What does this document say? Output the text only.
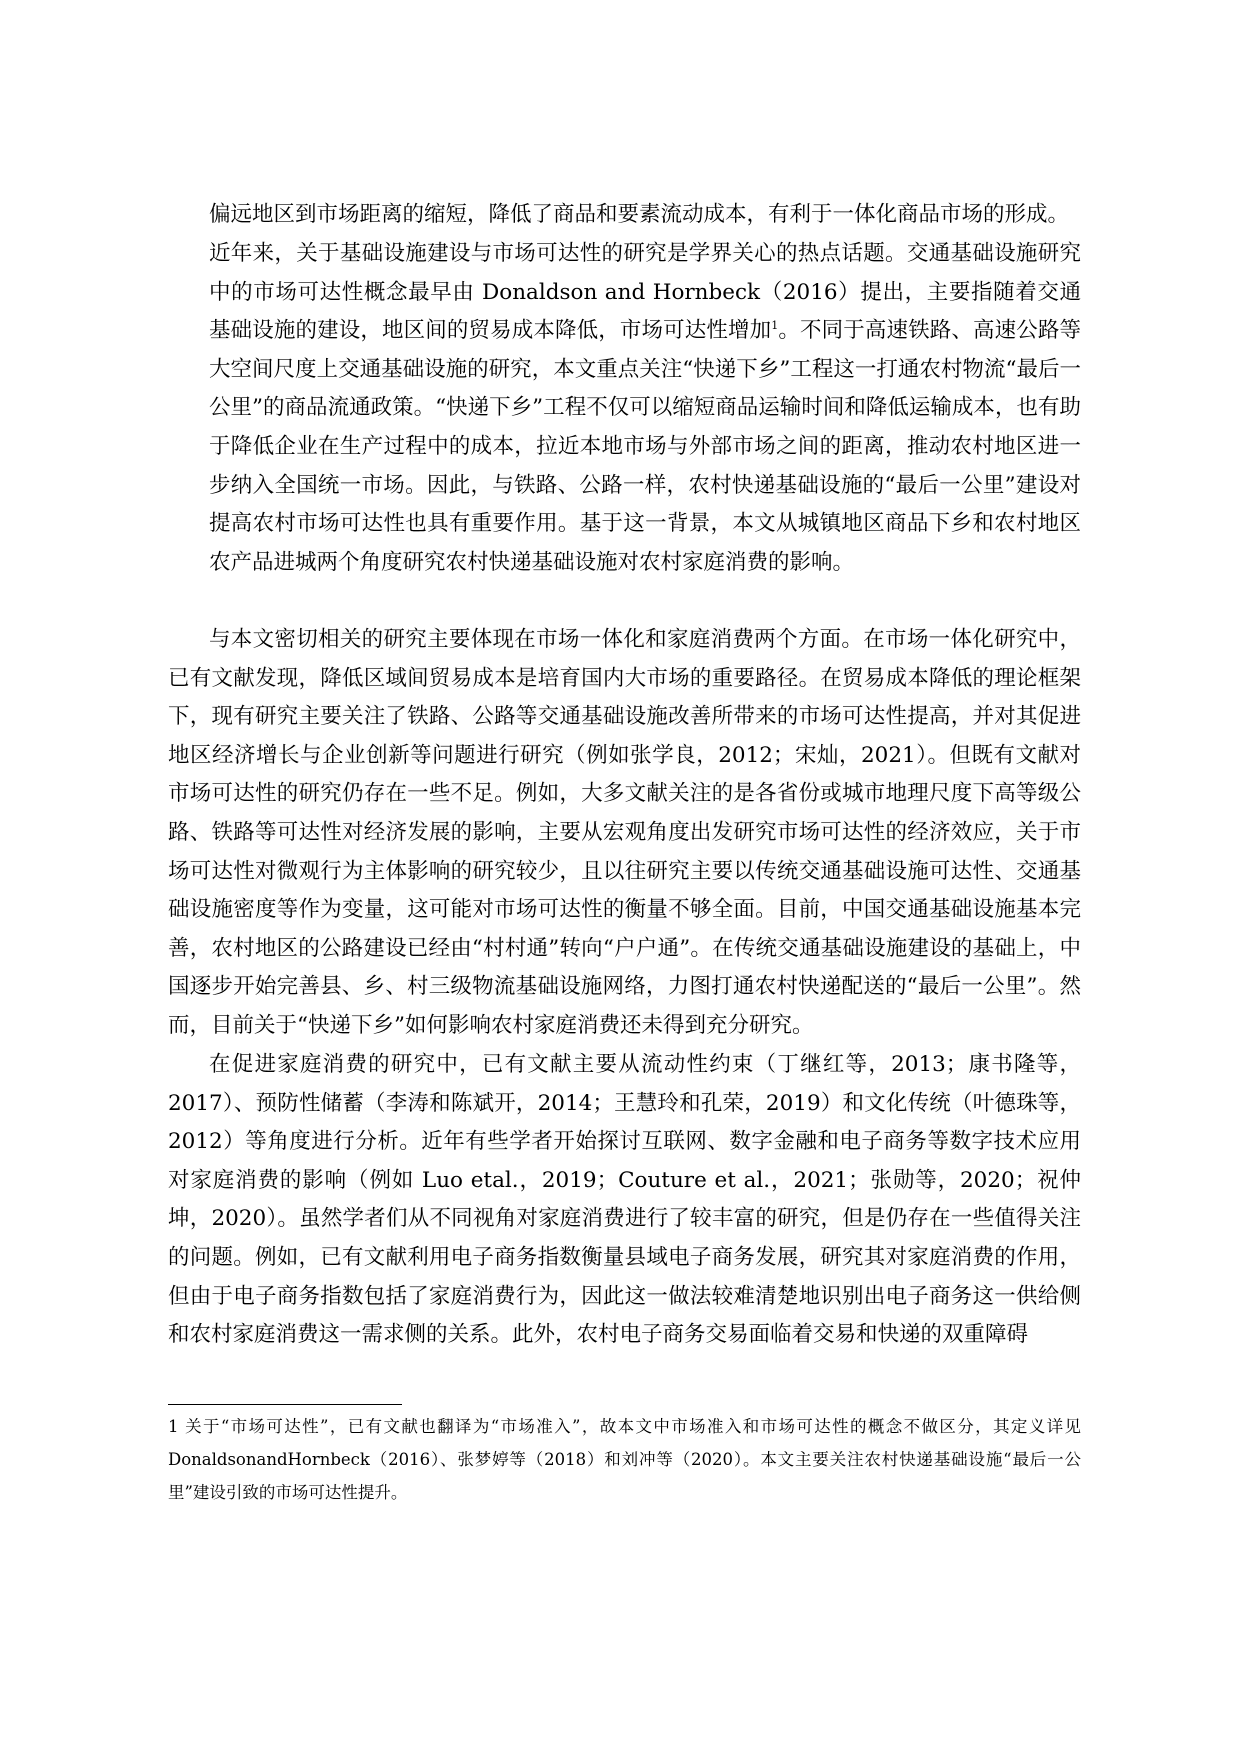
偏远地区到市场距离的缩短，降低了商品和要素流动成本，有利于一体化商品市场的形成。

近年来，关于基础设施建设与市场可达性的研究是学界关心的热点话题。交通基础设施研究中的市场可达性概念最早由 Donaldson and Hornbeck（2016）提出，主要指随着交通基础设施的建设，地区间的贸易成本降低，市场可达性增加$^1$。不同于高速铁路、高速公路等大空间尺度上交通基础设施的研究，本文重点关注“快递下乡”工程这一打通农村物流“最后一公里”的商品流通政策。“快递下乡”工程不仅可以缩短商品运输时间和降低运输成本，也有助于降低企业在生产过程中的成本，拉近本地市场与外部市场之间的距离，推动农村地区进一步纳入全国统一市场。因此，与铁路、公路一样，农村快递基础设施的“最后一公里”建设对提高农村市场可达性也具有重要作用。基于这一背景，本文从城镇地区商品下乡和农村地区农产品进城两个角度研究农村快递基础设施对农村家庭消费的影响。

与本文密切相关的研究主要体现在市场一体化和家庭消费两个方面。在市场一体化研究中，已有文献发现，降低区域间贸易成本是培育国内大市场的重要路径。在贸易成本降低的理论框架下，现有研究主要关注了铁路、公路等交通基础设施改善所带来的市场可达性提高，并对其促进地区经济增长与企业创新等问题进行研究（例如张学良，2012；宋灿，2021）。但既有文献对市场可达性的研究仍存在一些不足。例如，大多文献关注的是各省份或城市地理尺度下高等级公路、铁路等可达性对经济发展的影响，主要从宏观角度出发研究市场可达性的经济效应，关于市场可达性对微观行为主体影响的研究较少，且以往研究主要以传统交通基础设施可达性、交通基础设施密度等作为变量，这可能对市场可达性的衡量不够全面。目前，中国交通基础设施基本完善，农村地区的公路建设已经由“村村通”转向“户户通”。在传统交通基础设施建设的基础上，中国逐步开始完善县、乡、村三级物流基础设施网络，力图打通农村快递配送的“最后一公里”。然而，目前关于“快递下乡”如何影响农村家庭消费还未得到充分研究。

在促进家庭消费的研究中，已有文献主要从流动性约束（丁继红等，2013；康书隆等，2017）、预防性储蓄（李涛和陈斌开，2014；王慧玲和孔荣，2019）和文化传统（叶德珠等，2012）等角度进行分析。近年有些学者开始探讨互联网、数字金融和电子商务等数字技术应用对家庭消费的影响（例如 Luo etal.，2019；Couture et al.，2021；张勋等，2020；祝仲坤，2020）。虽然学者们从不同视角对家庭消费进行了较丰富的研究，但是仍存在一些值得关注的问题。例如，已有文献利用电子商务指数衡量县域电子商务发展，研究其对家庭消费的作用，但由于电子商务指数包括了家庭消费行为，因此这一做法较难清楚地识别出电子商务这一供给侧和农村家庭消费这一需求侧的关系。此外，农村电子商务交易面临着交易和快递的双重障碍

1 关于“市场可达性”，已有文献也翻译为“市场准入”，故本文中市场准入和市场可达性的概念不做区分，其定义详见 DonaldsonandHornbeck（2016）、张梦婷等（2018）和刘冲等（2020）。本文主要关注农村快递基础设施“最后一公里”建设引致的市场可达性提升。
